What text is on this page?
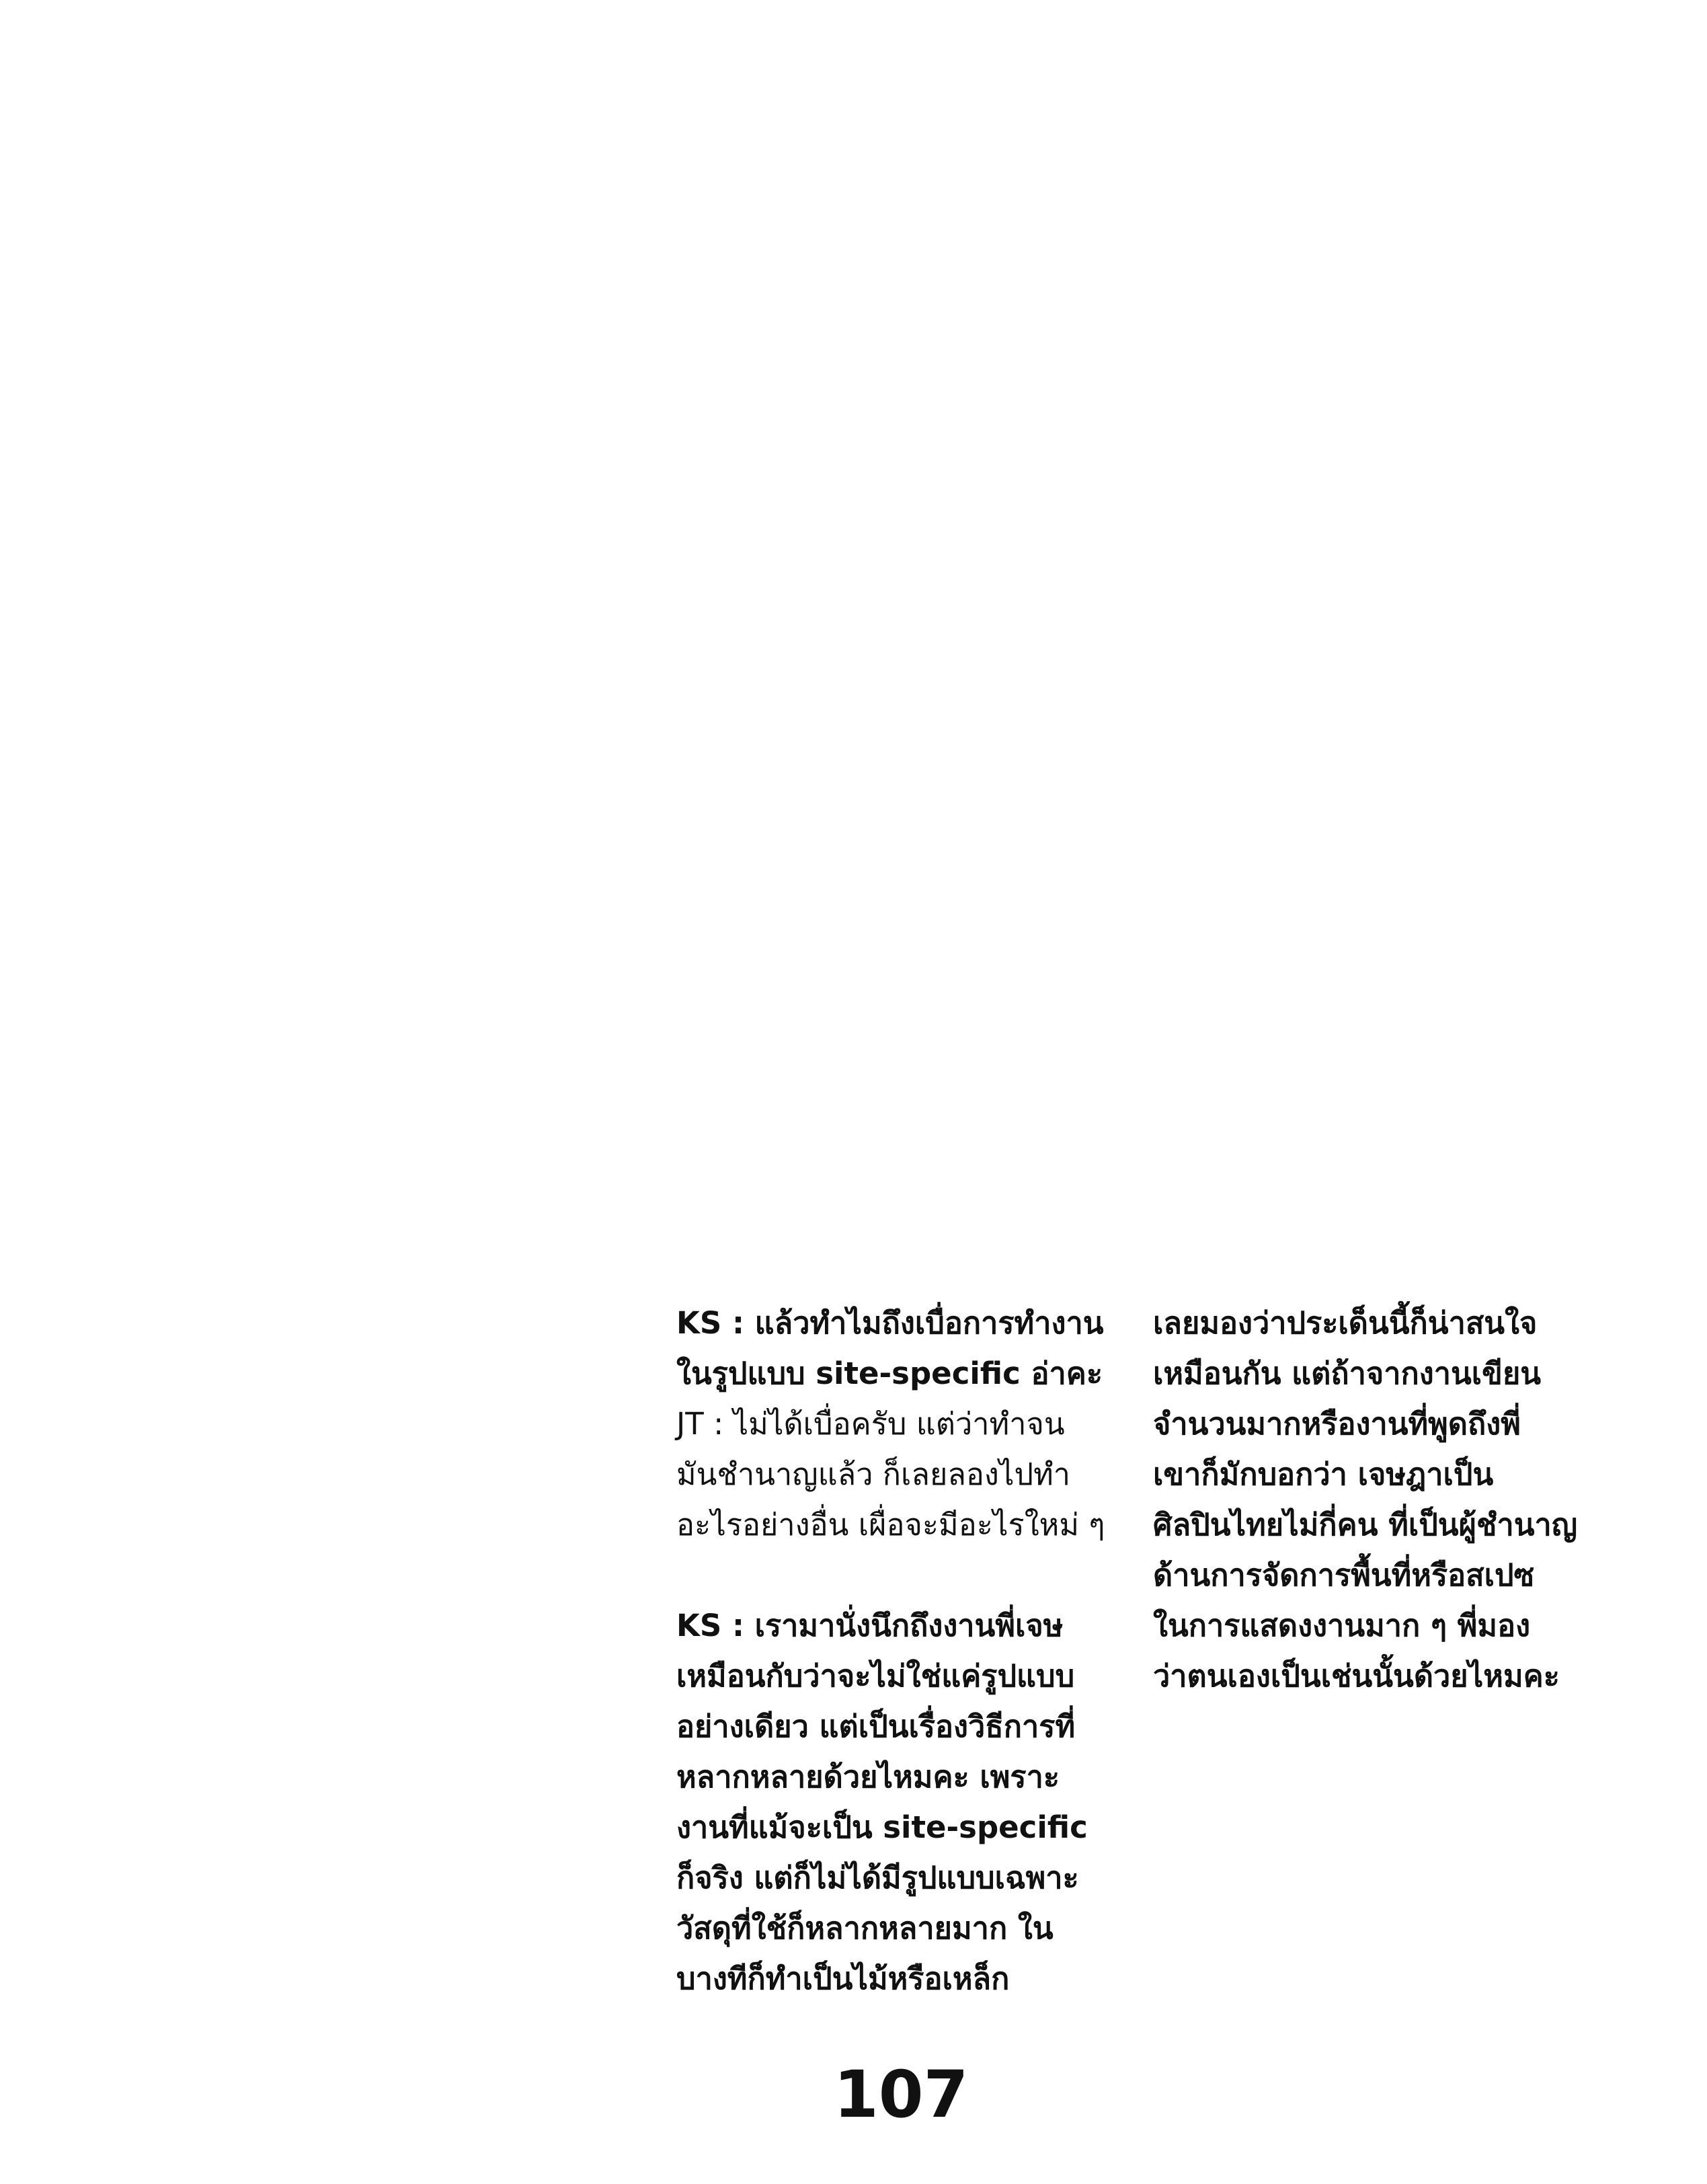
KS : แล้วทำไมถึงเบื่อการทำงาน
ในรูปแบบ site-specific อ่าคะ
JT : ไม่ได้เบื่อครับ แต่ว่าทำจน
มันชำนาญแล้ว ก็เลยลองไปทำ
อะไรอย่างอื่น เผื่อจะมีอะไรใหม่ ๆ
KS : เรามานั่งนึกถึงงานพี่เจษ
เหมือนกับว่าจะไม่ใช่แค่รูปแบบ
อย่างเดียว แต่เป็นเรื่องวิธีการที่
หลากหลายด้วยไหมคะ เพราะ
งานที่แม้จะเป็น site-specific
ก็จริง แต่ก็ไม่ได้มีรูปแบบเฉพาะ
วัสดุที่ใช้ก็หลากหลายมาก ใน
บางทีก็ทำเป็นไม้หรือเหล็ก
เลยมองว่าประเด็นนี้ก็น่าสนใจ
เหมือนกัน แต่ถ้าจากงานเขียน
จำนวนมากหรืองานที่พูดถึงพี่
เขาก็มักบอกว่า เจษฎาเป็น
ศิลปินไทยไม่กี่คน ที่เป็นผู้ชำนาญ
ด้านการจัดการพื้นที่หรือสเปซ
ในการแสดงงานมาก ๆ พี่มอง
ว่าตนเองเป็นเช่นนั้นด้วยไหมคะ
107
